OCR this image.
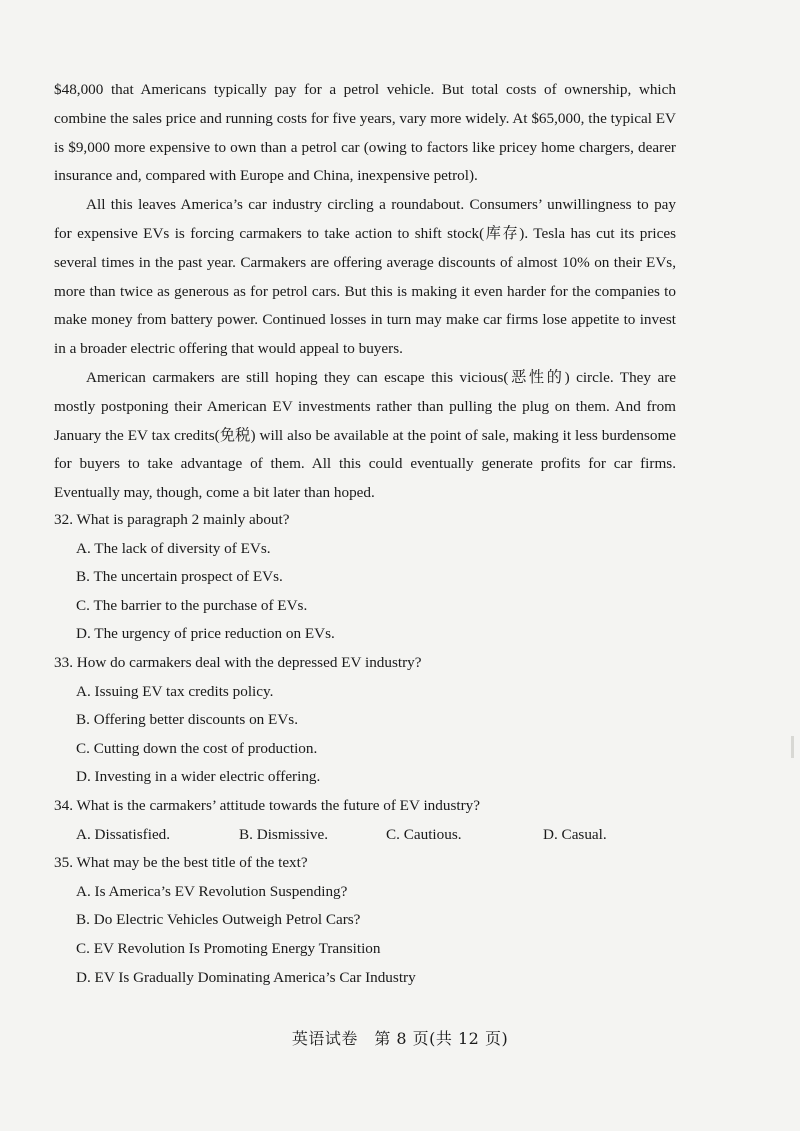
$48,000 that Americans typically pay for a petrol vehicle. But total costs of ownership, which combine the sales price and running costs for five years, vary more widely. At $65,000, the typical EV is $9,000 more expensive to own than a petrol car (owing to factors like pricey home chargers, dearer insurance and, compared with Europe and China, inexpensive petrol).

All this leaves America’s car industry circling a roundabout. Consumers’ unwillingness to pay for expensive EVs is forcing carmakers to take action to shift stock(库存). Tesla has cut its prices several times in the past year. Carmakers are offering average discounts of almost 10% on their EVs, more than twice as generous as for petrol cars. But this is making it even harder for the companies to make money from battery power. Continued losses in turn may make car firms lose appetite to invest in a broader electric offering that would appeal to buyers.

American carmakers are still hoping they can escape this vicious(恶性的) circle. They are mostly postponing their American EV investments rather than pulling the plug on them. And from January the EV tax credits(免税) will also be available at the point of sale, making it less burdensome for buyers to take advantage of them. All this could eventually generate profits for car firms. Eventually may, though, come a bit later than hoped.

32. What is paragraph 2 mainly about?

A. The lack of diversity of EVs.

B. The uncertain prospect of EVs.

C. The barrier to the purchase of EVs.

D. The urgency of price reduction on EVs.

33. How do carmakers deal with the depressed EV industry?

A. Issuing EV tax credits policy.

B. Offering better discounts on EVs.

C. Cutting down the cost of production.

D. Investing in a wider electric offering.

34. What is the carmakers’ attitude towards the future of EV industry?

A. Dissatisfied.	B. Dismissive.	C. Cautious.	D. Casual.

35. What may be the best title of the text?

A. Is America’s EV Revolution Suspending?

B. Do Electric Vehicles Outweigh Petrol Cars?

C. EV Revolution Is Promoting Energy Transition

D. EV Is Gradually Dominating America’s Car Industry

英语试卷　第 8 页(共 12 页)
